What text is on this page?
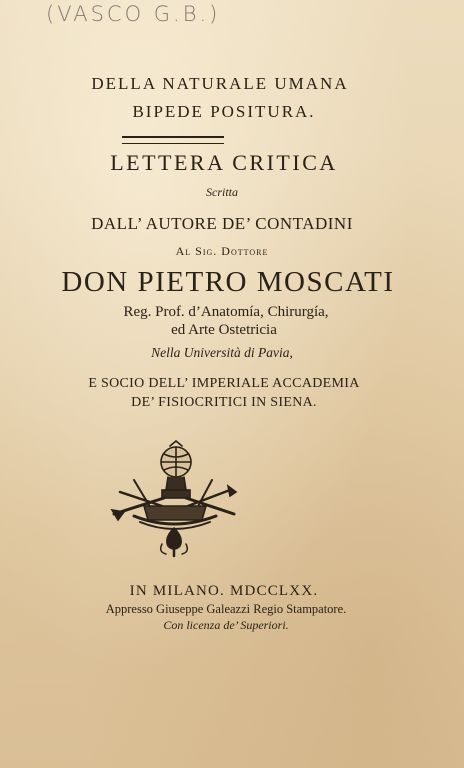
(VASCO G.B.)
DELLA NATURALE UMANA
BIPEDE POSITURA.
LETTERA CRITICA
Scritta
DALL’ AUTORE DE’ CONTADINI
Al Sig. Dottore
DON PIETRO MOSCATI
Reg. Prof. d’Anatomía, Chirurgía,
ed Arte Ostetricia
Nella Università di Pavia,
E SOCIO DELL’ IMPERIALE ACCADEMIA
DE’ FISIOCRITICI IN SIENA.
IN MILANO. MDCCLXX.
Appresso Giuseppe Galeazzi Regio Stampatore.
Con licenza de’ Superiori.
